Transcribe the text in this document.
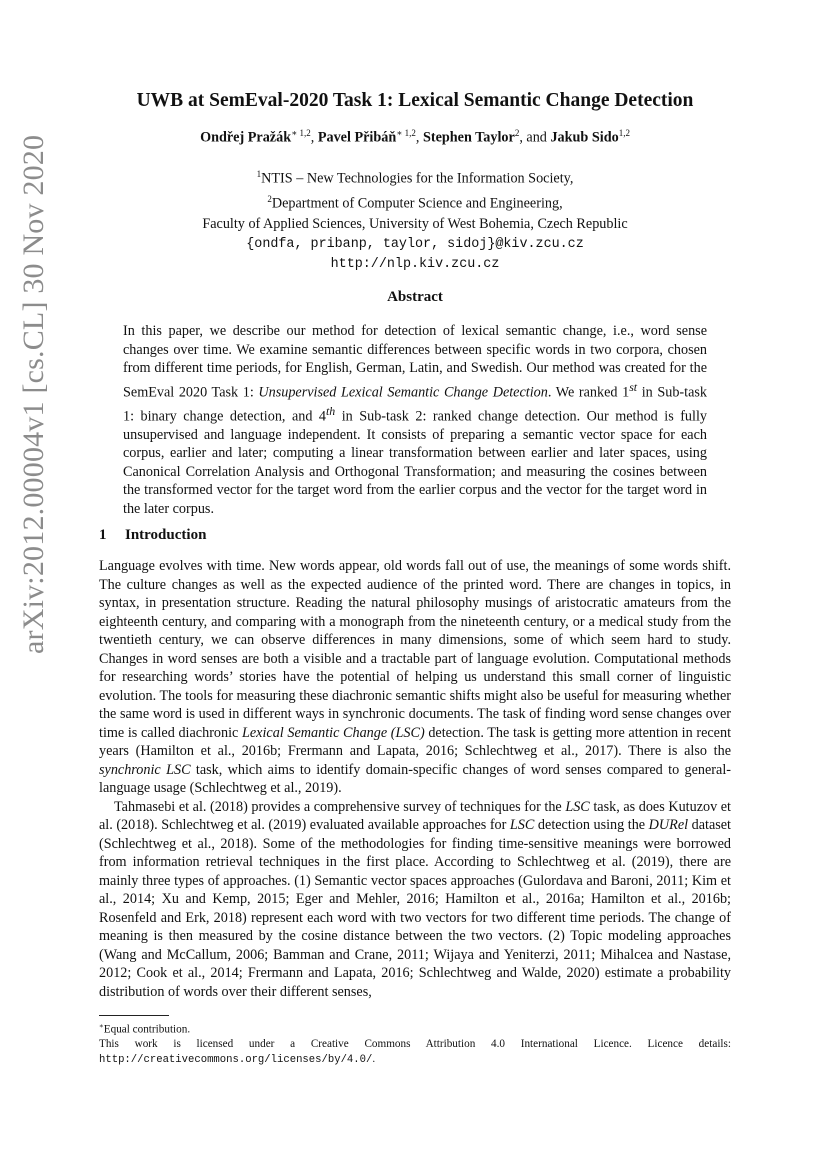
arXiv:2012.00004v1 [cs.CL] 30 Nov 2020
UWB at SemEval-2020 Task 1: Lexical Semantic Change Detection
Ondřej Pražák$^{∗ 1,2}$, Pavel Přibáň$^{∗ 1,2}$, Stephen Taylor$^2$, and Jakub Sido$^{1,2}$
$^1$NTIS – New Technologies for the Information Society,
$^2$Department of Computer Science and Engineering,
Faculty of Applied Sciences, University of West Bohemia, Czech Republic
{ondfa, pribanp, taylor, sidoj}@kiv.zcu.cz
http://nlp.kiv.zcu.cz
Abstract
In this paper, we describe our method for detection of lexical semantic change, i.e., word sense changes over time. We examine semantic differences between specific words in two corpora, chosen from different time periods, for English, German, Latin, and Swedish. Our method was created for the SemEval 2020 Task 1: Unsupervised Lexical Semantic Change Detection. We ranked 1st in Sub-task 1: binary change detection, and 4th in Sub-task 2: ranked change detection. Our method is fully unsupervised and language independent. It consists of preparing a semantic vector space for each corpus, earlier and later; computing a linear transformation between earlier and later spaces, using Canonical Correlation Analysis and Orthogonal Transformation; and measuring the cosines between the transformed vector for the target word from the earlier corpus and the vector for the target word in the later corpus.
1 Introduction

Language evolves with time. New words appear, old words fall out of use, the meanings of some words shift. The culture changes as well as the expected audience of the printed word. There are changes in topics, in syntax, in presentation structure. Reading the natural philosophy musings of aristocratic amateurs from the eighteenth century, and comparing with a monograph from the nineteenth century, or a medical study from the twentieth century, we can observe differences in many dimensions, some of which seem hard to study. Changes in word senses are both a visible and a tractable part of language evolution. Computational methods for researching words’ stories have the potential of helping us understand this small corner of linguistic evolution. The tools for measuring these diachronic semantic shifts might also be useful for measuring whether the same word is used in different ways in synchronic documents. The task of finding word sense changes over time is called diachronic Lexical Semantic Change (LSC) detection. The task is getting more attention in recent years (Hamilton et al., 2016b; Frermann and Lapata, 2016; Schlechtweg et al., 2017). There is also the synchronic LSC task, which aims to identify domain-specific changes of word senses compared to general-language usage (Schlechtweg et al., 2019).

Tahmasebi et al. (2018) provides a comprehensive survey of techniques for the LSC task, as does Kutuzov et al. (2018). Schlechtweg et al. (2019) evaluated available approaches for LSC detection using the DURel dataset (Schlechtweg et al., 2018). Some of the methodologies for finding time-sensitive meanings were borrowed from information retrieval techniques in the first place. According to Schlechtweg et al. (2019), there are mainly three types of approaches. (1) Semantic vector spaces approaches (Gulordava and Baroni, 2011; Kim et al., 2014; Xu and Kemp, 2015; Eger and Mehler, 2016; Hamilton et al., 2016a; Hamilton et al., 2016b; Rosenfeld and Erk, 2018) represent each word with two vectors for two different time periods. The change of meaning is then measured by the cosine distance between the two vectors. (2) Topic modeling approaches (Wang and McCallum, 2006; Bamman and Crane, 2011; Wijaya and Yeniterzi, 2011; Mihalcea and Nastase, 2012; Cook et al., 2014; Frermann and Lapata, 2016; Schlechtweg and Walde, 2020) estimate a probability distribution of words over their different senses,

∗Equal contribution.

This work is licensed under a Creative Commons Attribution 4.0 International Licence. Licence details: http://creativecommons.org/licenses/by/4.0/.
